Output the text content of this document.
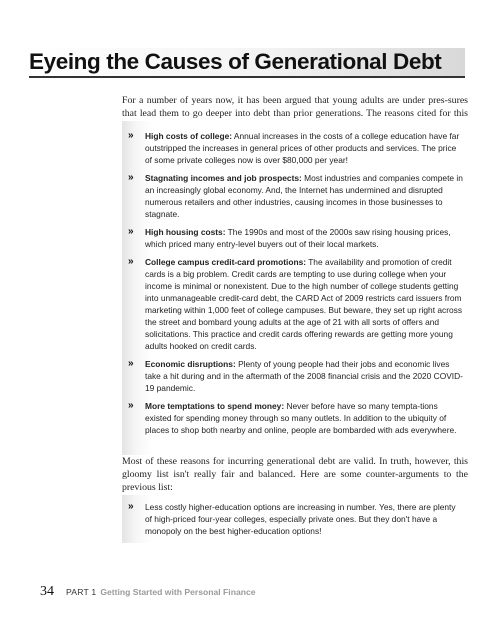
Eyeing the Causes of Generational Debt

For a number of years now, it has been argued that young adults are under pres-sures that lead them to go deeper into debt than prior generations. The reasons cited for this

» High costs of college: Annual increases in the costs of a college education have far outstripped the increases in general prices of other products and services. The price of some private colleges now is over $80,000 per year!
» Stagnating incomes and job prospects: Most industries and companies compete in an increasingly global economy. And, the Internet has undermined and disrupted numerous retailers and other industries, causing incomes in those businesses to stagnate.
» High housing costs: The 1990s and most of the 2000s saw rising housing prices, which priced many entry-level buyers out of their local markets.
» College campus credit-card promotions: The availability and promotion of credit cards is a big problem. Credit cards are tempting to use during college when your income is minimal or nonexistent. Due to the high number of college students getting into unmanageable credit-card debt, the CARD Act of 2009 restricts card issuers from marketing within 1,000 feet of college campuses. But beware, they set up right across the street and bombard young adults at the age of 21 with all sorts of offers and solicitations. This practice and credit cards offering rewards are getting more young adults hooked on credit cards.
» Economic disruptions: Plenty of young people had their jobs and economic lives take a hit during and in the aftermath of the 2008 financial crisis and the 2020 COVID-19 pandemic.
» More temptations to spend money: Never before have so many tempta-tions existed for spending money through so many outlets. In addition to the ubiquity of places to shop both nearby and online, people are bombarded with ads everywhere.

Most of these reasons for incurring generational debt are valid. In truth, however, this gloomy list isn't really fair and balanced. Here are some counter-arguments to the previous list:

» Less costly higher-education options are increasing in number. Yes, there are plenty of high-priced four-year colleges, especially private ones. But they don't have a monopoly on the best higher-education options!
34 PART 1 Getting Started with Personal Finance
